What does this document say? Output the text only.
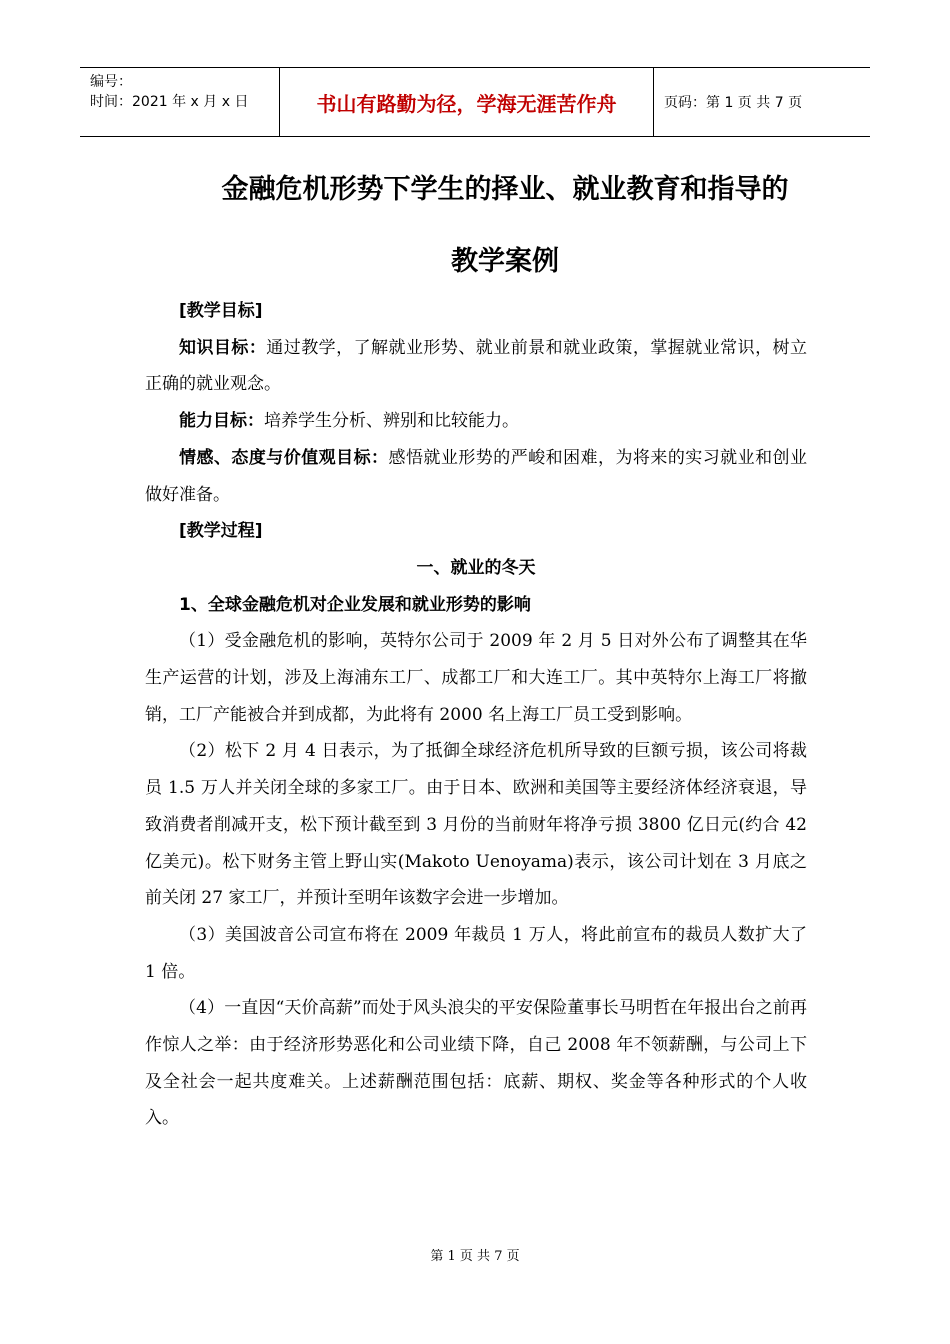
编号：
时间：2021 年 x 月 x 日	书山有路勤为径，学海无涯苦作舟	页码：第 1 页 共 7 页
金融危机形势下学生的择业、就业教育和指导的
教学案例

[教学目标]

知识目标：通过教学，了解就业形势、就业前景和就业政策，掌握就业常识，树立正确的就业观念。

能力目标：培养学生分析、辨别和比较能力。

情感、态度与价值观目标：感悟就业形势的严峻和困难，为将来的实习就业和创业做好准备。

[教学过程]

一、就业的冬天

1、全球金融危机对企业发展和就业形势的影响

（1）受金融危机的影响，英特尔公司于 2009 年 2 月 5 日对外公布了调整其在华生产运营的计划，涉及上海浦东工厂、成都工厂和大连工厂。其中英特尔上海工厂将撤销，工厂产能被合并到成都，为此将有 2000 名上海工厂员工受到影响。

（2）松下 2 月 4 日表示，为了抵御全球经济危机所导致的巨额亏损，该公司将裁员 1.5 万人并关闭全球的多家工厂。由于日本、欧洲和美国等主要经济体经济衰退，导致消费者削减开支，松下预计截至到 3 月份的当前财年将净亏损 3800 亿日元(约合 42 亿美元)。松下财务主管上野山实(Makoto Uenoyama)表示，该公司计划在 3 月底之前关闭 27 家工厂，并预计至明年该数字会进一步增加。

（3）美国波音公司宣布将在 2009 年裁员 1 万人，将此前宣布的裁员人数扩大了 1 倍。

（4）一直因“天价高薪”而处于风头浪尖的平安保险董事长马明哲在年报出台之前再作惊人之举：由于经济形势恶化和公司业绩下降，自己 2008 年不领薪酬，与公司上下及全社会一起共度难关。上述薪酬范围包括：底薪、期权、奖金等各种形式的个人收入。

第 1 页 共 7 页
